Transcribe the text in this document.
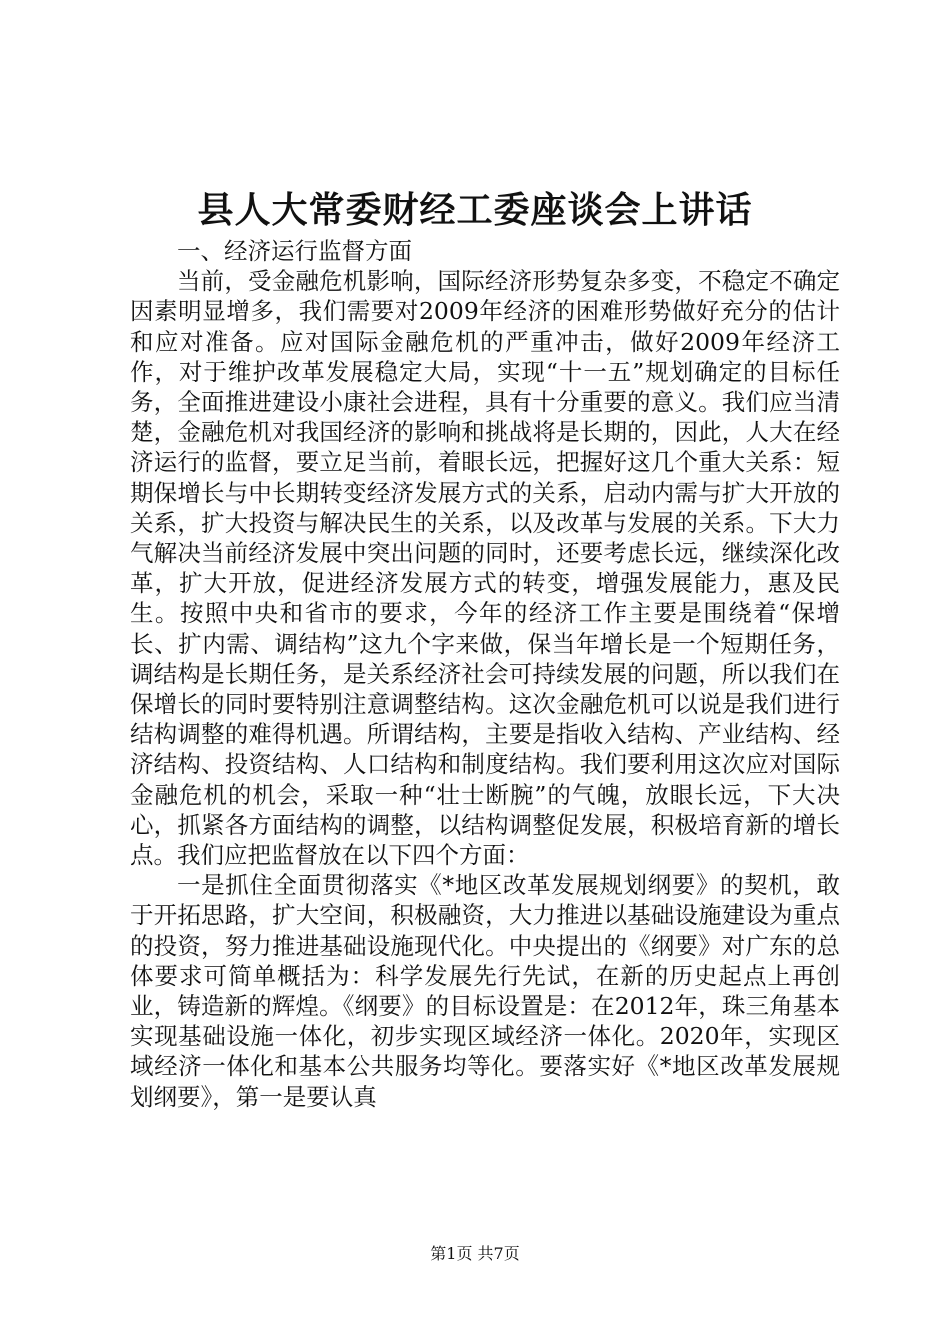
县人大常委财经工委座谈会上讲话

一、经济运行监督方面

当前，受金融危机影响，国际经济形势复杂多变，不稳定不确定因素明显增多，我们需要对2009年经济的困难形势做好充分的估计和应对准备。应对国际金融危机的严重冲击，做好2009年经济工作，对于维护改革发展稳定大局，实现“十一五”规划确定的目标任务，全面推进建设小康社会进程，具有十分重要的意义。我们应当清楚，金融危机对我国经济的影响和挑战将是长期的，因此，人大在经济运行的监督，要立足当前，着眼长远，把握好这几个重大关系：短期保增长与中长期转变经济发展方式的关系，启动内需与扩大开放的关系，扩大投资与解决民生的关系，以及改革与发展的关系。下大力气解决当前经济发展中突出问题的同时，还要考虑长远，继续深化改革，扩大开放，促进经济发展方式的转变，增强发展能力，惠及民生。按照中央和省市的要求，今年的经济工作主要是围绕着“保增长、扩内需、调结构”这九个字来做，保当年增长是一个短期任务，调结构是长期任务，是关系经济社会可持续发展的问题，所以我们在保增长的同时要特别注意调整结构。这次金融危机可以说是我们进行结构调整的难得机遇。所谓结构，主要是指收入结构、产业结构、经济结构、投资结构、人口结构和制度结构。我们要利用这次应对国际金融危机的机会，采取一种“壮士断腕”的气魄，放眼长远，下大决心，抓紧各方面结构的调整，以结构调整促发展，积极培育新的增长点。我们应把监督放在以下四个方面：

一是抓住全面贯彻落实《*地区改革发展规划纲要》的契机，敢于开拓思路，扩大空间，积极融资，大力推进以基础设施建设为重点的投资，努力推进基础设施现代化。中央提出的《纲要》对广东的总体要求可简单概括为：科学发展先行先试，在新的历史起点上再创业，铸造新的辉煌。《纲要》的目标设置是：在2012年，珠三角基本实现基础设施一体化，初步实现区域经济一体化。2020年，实现区域经济一体化和基本公共服务均等化。要落实好《*地区改革发展规划纲要》，第一是要认真

第1页 共7页
